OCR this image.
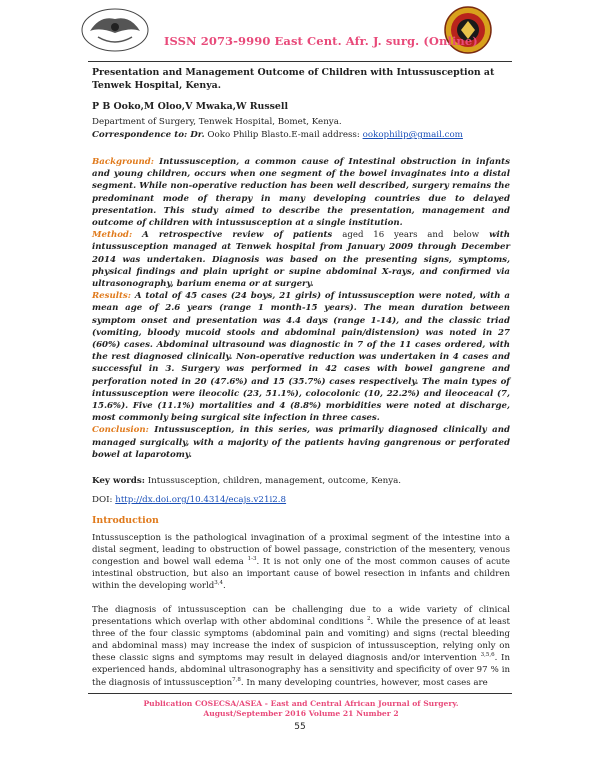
ISSN 2073-9990 East Cent. Afr. J. surg. (Online)
Presentation and Management Outcome of Children with Intussusception at Tenwek Hospital, Kenya.
P B Ooko,M Oloo,V Mwaka,W Russell
Department of Surgery, Tenwek Hospital, Bomet, Kenya.
Correspondence to: Dr. Ooko Philip Blasto.E-mail address: ookophilip@gmail.com

Background: Intussusception, a common cause of Intestinal obstruction in infants and young children, occurs when one segment of the bowel invaginates into a distal segment. While non-operative reduction has been well described, surgery remains the predominant mode of therapy in many developing countries due to delayed presentation. This study aimed to describe the presentation, management and outcome of children with intussusception at a single institution.

Method: A retrospective review of patients aged 16 years and below with intussusception managed at Tenwek hospital from January 2009 through December 2014 was undertaken. Diagnosis was based on the presenting signs, symptoms, physical findings and plain upright or supine abdominal X-rays, and confirmed via ultrasonography, barium enema or at surgery.

Results: A total of 45 cases (24 boys, 21 girls) of intussusception were noted, with a mean age of 2.6 years (range 1 month-15 years). The mean duration between symptom onset and presentation was 4.4 days (range 1-14), and the classic triad (vomiting, bloody mucoid stools and abdominal pain/distension) was noted in 27 (60%) cases. Abdominal ultrasound was diagnostic in 7 of the 11 cases ordered, with the rest diagnosed clinically. Non-operative reduction was undertaken in 4 cases and successful in 3. Surgery was performed in 42 cases with bowel gangrene and perforation noted in 20 (47.6%) and 15 (35.7%) cases respectively. The main types of intussusception were ileocolic (23, 51.1%), colocolonic (10, 22.2%) and ileoceacal (7, 15.6%). Five (11.1%) mortalities and 4 (8.8%) morbidities were noted at discharge, most commonly being surgical site infection in three cases.

Conclusion: Intussusception, in this series, was primarily diagnosed clinically and managed surgically, with a majority of the patients having gangrenous or perforated bowel at laparotomy.

Key words: Intussusception, children, management, outcome, Kenya.
DOI: http://dx.doi.org/10.4314/ecajs.v21i2.8
Introduction

Intussusception is the pathological invagination of a proximal segment of the intestine into a distal segment, leading to obstruction of bowel passage, constriction of the mesentery, venous congestion and bowel wall edema $^{1-3}$. It is not only one of the most common causes of acute intestinal obstruction, but also an important cause of bowel resection in infants and children within the developing world$^{3,4}$.

The diagnosis of intussusception can be challenging due to a wide variety of clinical presentations which overlap with other abdominal conditions $^2$. While the presence of at least three of the four classic symptoms (abdominal pain and vomiting) and signs (rectal bleeding and abdominal mass) may increase the index of suspicion of intussusception, relying only on these classic signs and symptoms may result in delayed diagnosis and/or intervention $^{3,5,6}$. In experienced hands, abdominal ultrasonography has a sensitivity and specificity of over 97 % in the diagnosis of intussusception$^{7,8}$. In many developing countries, however, most cases are

Publication COSECSA/ASEA - East and Central African Journal of Surgery.
August/September 2016 Volume 21 Number 2
55
